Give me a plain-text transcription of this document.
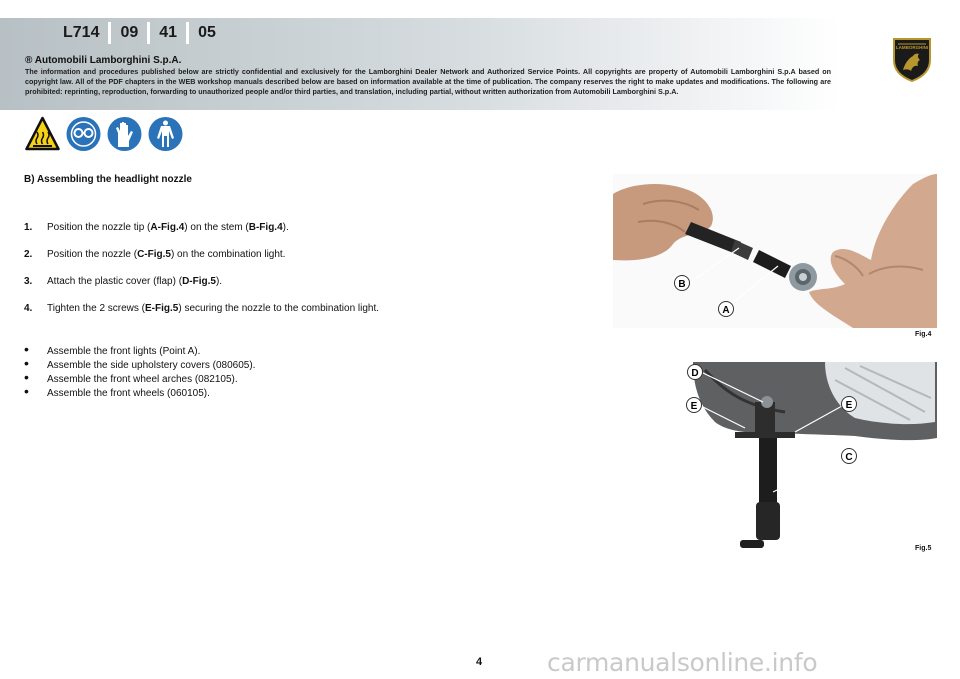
L714	09	41	05
LAMBORGHINI
® Automobili Lamborghini S.p.A.
The information and procedures published below are strictly confidential and exclusively for the Lamborghini Dealer Network and Authorized Service Points. All copyrights are property of Automobili Lamborghini S.p.A based on copyright law. All of the PDF chapters in the WEB workshop manuals described below are based on information available at the time of publication. The company reserves the right to make updates and modifications. The following are prohibited: reprinting, reproduction, forwarding to unauthorized people and/or third parties, and translation, including partial, without written authorization from Automobili Lamborghini S.p.A.
B) Assembling the headlight nozzle
1. Position the nozzle tip (A-Fig.4) on the stem (B-Fig.4).
2. Position the nozzle (C-Fig.5) on the combination light.
3. Attach the plastic cover (flap) (D-Fig.5).
4. Tighten the 2 screws (E-Fig.5) securing the nozzle to the combination light.
• Assemble the front lights (Point A).
• Assemble the side upholstery covers (080605).
• Assemble the front wheel arches (082105).
• Assemble the front wheels (060105).
B
A
Fig.4
D
E	E
C
Fig.5
4	carmanualsonline.info
